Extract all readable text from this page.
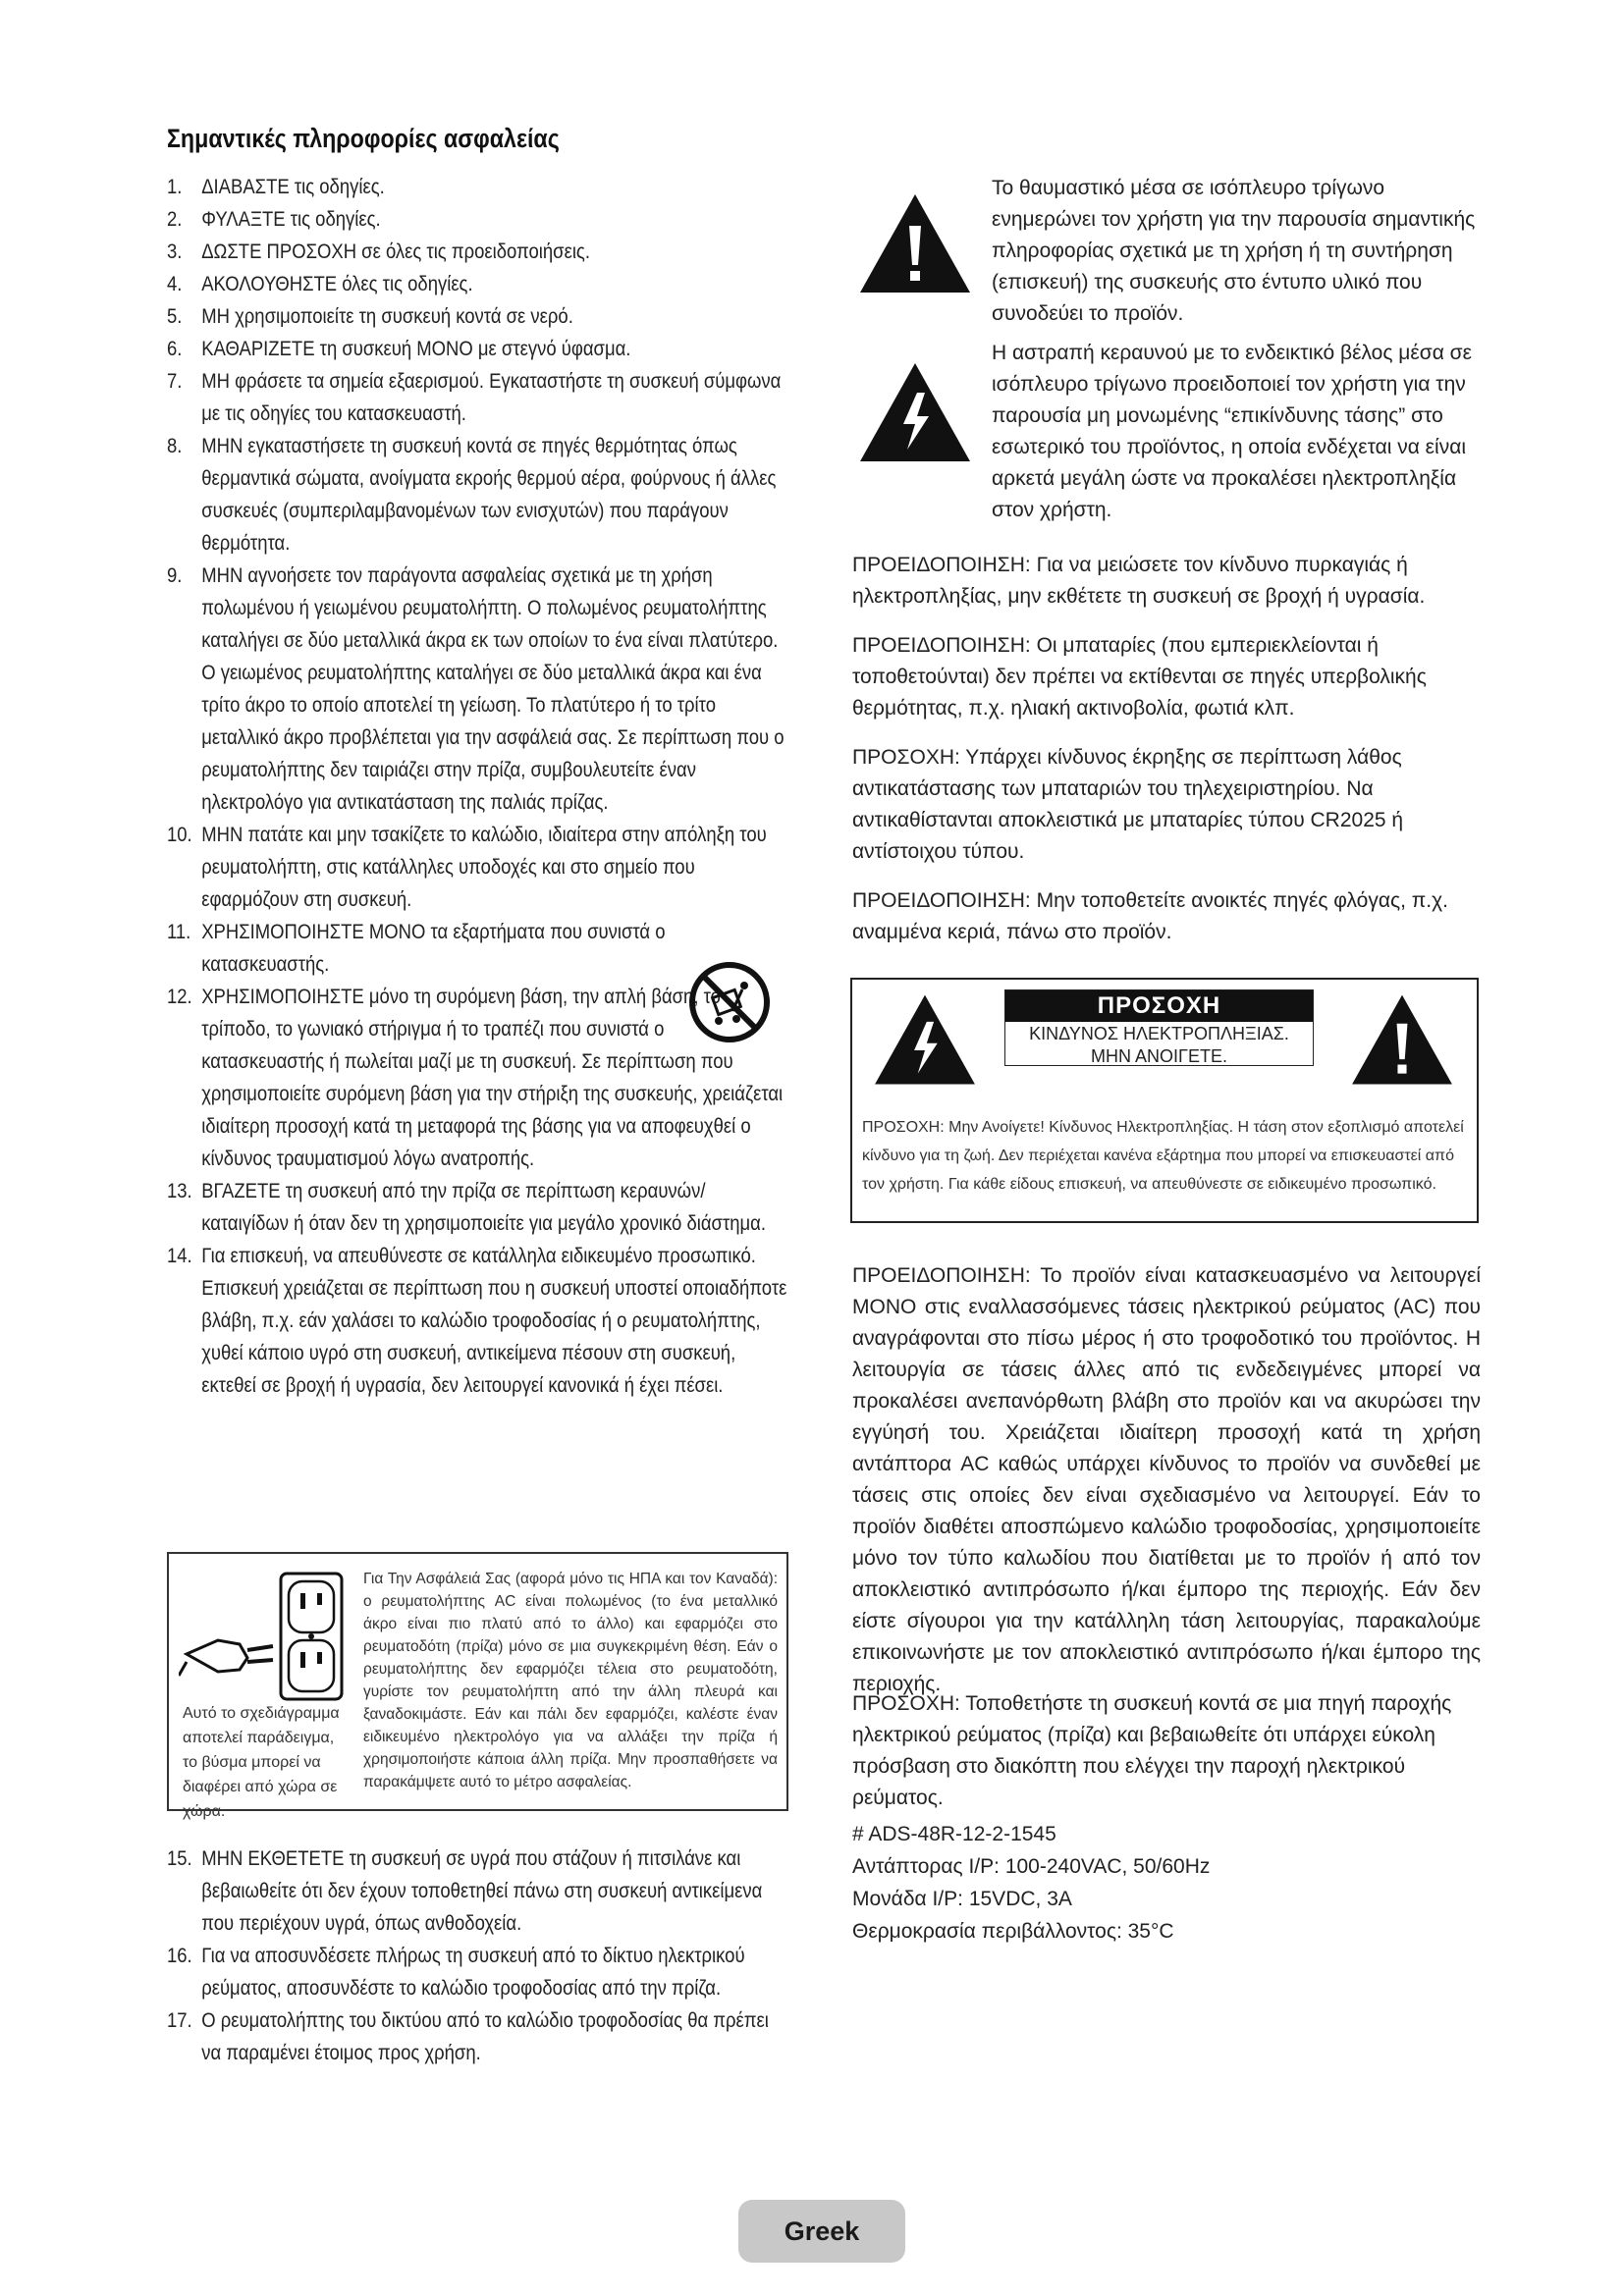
Σημαντικές πληροφορίες ασφαλείας
1. ΔΙΑΒΑΣΤΕ τις οδηγίες.
2. ΦΥΛΑΞΤΕ τις οδηγίες.
3. ΔΩΣΤΕ ΠΡΟΣΟΧΗ σε όλες τις προειδοποιήσεις.
4. ΑΚΟΛΟΥΘΗΣΤΕ όλες τις οδηγίες.
5. ΜΗ χρησιμοποιείτε τη συσκευή κοντά σε νερό.
6. ΚΑΘΑΡΙΖΕΤΕ τη συσκευή ΜΟΝΟ με στεγνό ύφασμα.
7. ΜΗ φράσετε τα σημεία εξαερισμού. Εγκαταστήστε τη συσκευή σύμφωνα με τις οδηγίες του κατασκευαστή.
8. ΜΗΝ εγκαταστήσετε τη συσκευή κοντά σε πηγές θερμότητας όπως θερμαντικά σώματα, ανοίγματα εκροής θερμού αέρα, φούρνους ή άλλες συσκευές (συμπεριλαμβανομένων των ενισχυτών) που παράγουν θερμότητα.
9. ΜΗΝ αγνοήσετε τον παράγοντα ασφαλείας σχετικά με τη χρήση πολωμένου ή γειωμένου ρευματολήπτη. Ο πολωμένος ρευματολήπτης καταλήγει σε δύο μεταλλικά άκρα εκ των οποίων το ένα είναι πλατύτερο. Ο γειωμένος ρευματολήπτης καταλήγει σε δύο μεταλλικά άκρα και ένα τρίτο άκρο το οποίο αποτελεί τη γείωση. Το πλατύτερο ή το τρίτο μεταλλικό άκρο προβλέπεται για την ασφάλειά σας. Σε περίπτωση που ο ρευματολήπτης δεν ταιριάζει στην πρίζα, συμβουλευτείτε έναν ηλεκτρολόγο για αντικατάσταση της παλιάς πρίζας.
10. ΜΗΝ πατάτε και μην τσακίζετε το καλώδιο, ιδιαίτερα στην απόληξη του ρευματολήπτη, στις κατάλληλες υποδοχές και στο σημείο που εφαρμόζουν στη συσκευή.
11. ΧΡΗΣΙΜΟΠΟΙΗΣΤΕ ΜΟΝΟ τα εξαρτήματα που συνιστά ο κατασκευαστής.
12. ΧΡΗΣΙΜΟΠΟΙΗΣΤΕ μόνο τη συρόμενη βάση, την απλή βάση, το τρίποδο, το γωνιακό στήριγμα ή το τραπέζι που συνιστά ο κατασκευαστής ή πωλείται μαζί με τη συσκευή. Σε περίπτωση που χρησιμοποιείτε συρόμενη βάση για την στήριξη της συσκευής, χρειάζεται ιδιαίτερη προσοχή κατά τη μεταφορά της βάσης για να αποφευχθεί ο κίνδυνος τραυματισμού λόγω ανατροπής.
13. ΒΓΑΖΕΤΕ τη συσκευή από την πρίζα σε περίπτωση κεραυνών/ καταιγίδων ή όταν δεν τη χρησιμοποιείτε για μεγάλο χρονικό διάστημα.
14. Για επισκευή, να απευθύνεστε σε κατάλληλα ειδικευμένο προσωπικό. Επισκευή χρειάζεται σε περίπτωση που η συσκευή υποστεί οποιαδήποτε βλάβη, π.χ. εάν χαλάσει το καλώδιο τροφοδοσίας ή ο ρευματολήπτης, χυθεί κάποιο υγρό στη συσκευή, αντικείμενα πέσουν στη συσκευή, εκτεθεί σε βροχή ή υγρασία, δεν λειτουργεί κανονικά ή έχει πέσει.
Αυτό το σχεδιάγραμμα αποτελεί παράδειγμα, το βύσμα μπορεί να διαφέρει από χώρα σε χώρα.
Για Την Ασφάλειά Σας (αφορά μόνο τις ΗΠΑ και τον Καναδά): ο ρευματολήπτης AC είναι πολωμένος (το ένα μεταλλικό άκρο είναι πιο πλατύ από το άλλο) και εφαρμόζει στο ρευματοδότη (πρίζα) μόνο σε μια συγκεκριμένη θέση. Εάν ο ρευματολήπτης δεν εφαρμόζει τέλεια στο ρευματοδότη, γυρίστε τον ρευματολήπτη από την άλλη πλευρά και ξαναδοκιμάστε. Εάν και πάλι δεν εφαρμόζει, καλέστε έναν ειδικευμένο ηλεκτρολόγο για να αλλάξει την πρίζα ή χρησιμοποιήστε κάποια άλλη πρίζα. Μην προσπαθήσετε να παρακάμψετε αυτό το μέτρο ασφαλείας.
15. ΜΗΝ ΕΚΘΕΤΕΤΕ τη συσκευή σε υγρά που στάζουν ή πιτσιλάνε και βεβαιωθείτε ότι δεν έχουν τοποθετηθεί πάνω στη συσκευή αντικείμενα που περιέχουν υγρά, όπως ανθοδοχεία.
16. Για να αποσυνδέσετε πλήρως τη συσκευή από το δίκτυο ηλεκτρικού ρεύματος, αποσυνδέστε το καλώδιο τροφοδοσίας από την πρίζα.
17. Ο ρευματολήπτης του δικτύου από το καλώδιο τροφοδοσίας θα πρέπει να παραμένει έτοιμος προς χρήση.
Το θαυμαστικό μέσα σε ισόπλευρο τρίγωνο ενημερώνει τον χρήστη για την παρουσία σημαντικής πληροφορίας σχετικά με τη χρήση ή τη συντήρηση (επισκευή) της συσκευής στο έντυπο υλικό που συνοδεύει το προϊόν.
Η αστραπή κεραυνού με το ενδεικτικό βέλος μέσα σε ισόπλευρο τρίγωνο προειδοποιεί τον χρήστη για την παρουσία μη μονωμένης “επικίνδυνης τάσης” στο εσωτερικό του προϊόντος, η οποία ενδέχεται να είναι αρκετά μεγάλη ώστε να προκαλέσει ηλεκτροπληξία στον χρήστη.

ΠΡΟΕΙΔΟΠΟΙΗΣΗ: Για να μειώσετε τον κίνδυνο πυρκαγιάς ή ηλεκτροπληξίας, μην εκθέτετε τη συσκευή σε βροχή ή υγρασία.

ΠΡΟΕΙΔΟΠΟΙΗΣΗ: Οι μπαταρίες (που εμπεριεκλείονται ή τοποθετούνται) δεν πρέπει να εκτίθενται σε πηγές υπερβολικής θερμότητας, π.χ. ηλιακή ακτινοβολία, φωτιά κλπ.

ΠΡΟΣΟΧΗ: Υπάρχει κίνδυνος έκρηξης σε περίπτωση λάθος αντικατάστασης των μπαταριών του τηλεχειριστηρίου. Να αντικαθίστανται αποκλειστικά με μπαταρίες τύπου CR2025 ή αντίστοιχου τύπου.

ΠΡΟΕΙΔΟΠΟΙΗΣΗ: Μην τοποθετείτε ανοικτές πηγές φλόγας, π.χ. αναμμένα κεριά, πάνω στο προϊόν.

ΠΡΟΣΟΧΗ
ΚΙΝΔΥΝΟΣ ΗΛΕΚΤΡΟΠΛΗΞΙΑΣ.
ΜΗΝ ΑΝΟΙΓΕΤΕ.
ΠΡΟΣΟΧΗ: Μην Ανοίγετε! Κίνδυνος Ηλεκτροπληξίας. Η τάση στον εξοπλισμό αποτελεί κίνδυνο για τη ζωή. Δεν περιέχεται κανένα εξάρτημα που μπορεί να επισκευαστεί από τον χρήστη. Για κάθε είδους επισκευή, να απευθύνεστε σε ειδικευμένο προσωπικό.
ΠΡΟΕΙΔΟΠΟΙΗΣΗ: Το προϊόν είναι κατασκευασμένο να λειτουργεί ΜΟΝΟ στις εναλλασσόμενες τάσεις ηλεκτρικού ρεύματος (AC) που αναγράφονται στο πίσω μέρος ή στο τροφοδοτικό του προϊόντος. Η λειτουργία σε τάσεις άλλες από τις ενδεδειγμένες μπορεί να προκαλέσει ανεπανόρθωτη βλάβη στο προϊόν και να ακυρώσει την εγγύησή του. Χρειάζεται ιδιαίτερη προσοχή κατά τη χρήση αντάπτορα AC καθώς υπάρχει κίνδυνος το προϊόν να συνδεθεί με τάσεις στις οποίες δεν είναι σχεδιασμένο να λειτουργεί. Εάν το προϊόν διαθέτει αποσπώμενο καλώδιο τροφοδοσίας, χρησιμοποιείτε μόνο τον τύπο καλωδίου που διατίθεται με το προϊόν ή από τον αποκλειστικό αντιπρόσωπο ή/και έμπορο της περιοχής. Εάν δεν είστε σίγουροι για την κατάλληλη τάση λειτουργίας, παρακαλούμε επικοινωνήστε με τον αποκλειστικό αντιπρόσωπο ή/και έμπορο της περιοχής.
ΠΡΟΣΟΧΗ: Τοποθετήστε τη συσκευή κοντά σε μια πηγή παροχής ηλεκτρικού ρεύματος (πρίζα) και βεβαιωθείτε ότι υπάρχει εύκολη πρόσβαση στο διακόπτη που ελέγχει την παροχή ηλεκτρικού ρεύματος.
# ADS-48R-12-2-1545
Αντάπτορας I/P: 100-240VAC, 50/60Hz
Μονάδα I/P: 15VDC, 3A
Θερμοκρασία περιβάλλοντος: 35°C
Greek
